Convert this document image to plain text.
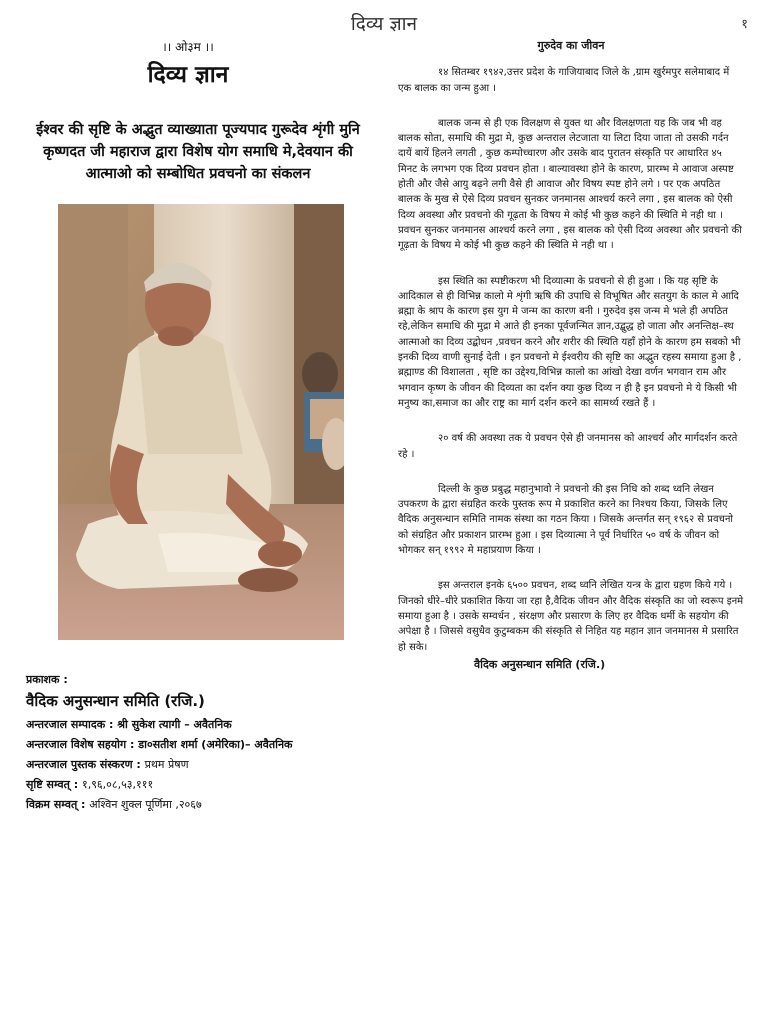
दिव्य ज्ञान	१
।। ओ३म ।।
दिव्य ज्ञान
ईश्वर की सृष्टि के अद्भुत व्याख्याता पूज्यपाद गुरूदेव शृंगी मुनि कृष्णदत जी महाराज द्वारा विशेष योग समाधि मे,देवयान की आत्माओ को सम्बोधित प्रवचनो का संकलन
प्रकाशक :
वैदिक अनुसन्धान समिति (रजि.)
अन्तरजाल सम्पादक : श्री सुकेश त्यागी – अवैतनिक
अन्तरजाल विशेष सहयोग : डा०सतीश शर्मा (अमेरिका)– अवैतनिक
अन्तरजाल पुस्तक संस्करण : प्रथम प्रेषण
सृष्टि सम्वत् : १,९६,०८,५३,१११
विक्रम सम्वत् : अश्विन शुक्ल पूर्णिमा ,२०६७
गुरुदेव का जीवन

१४ सितम्बर १९४२,उत्तर प्रदेश के गाजियाबाद जिले के ,ग्राम खुर्रमपुर सलेमाबाद में एक बालक का जन्म हुआ ।

बालक जन्म से ही एक विलक्षण से युक्त था और विलक्षणता यह कि जब भी वह बालक सोता, समाधि की मुद्रा मे, कुछ अन्तराल लेटजाता या लिटा दिया जाता तो उसकी गर्दन दायें बायें हिलने लगती , कुछ कम्पोच्चारण और उसके बाद पुरातन संस्कृति पर आधारित ४५ मिनट के लगभग एक दिव्य प्रवचन होता । बाल्यावस्था होने के कारण, प्रारम्भ मे आवाज अस्पष्ट होती और जैसे आयु बढ़ने लगी वैसे ही आवाज और विषय स्पष्ट होने लगे । पर एक अपठित बालक के मुख से ऐसे दिव्य प्रवचन सुनकर जनमानस आश्चर्य करने लगा , इस बालक को ऐसी दिव्य अवस्था और प्रवचनो की गूढ़ता के विषय मे कोई भी कुछ कहने की स्थिति मे नही था । प्रवचन सुनकर जनमानस आश्चर्य करने लगा , इस बालक को ऐसी दिव्य अवस्था और प्रवचनो की गूढ़ता के विषय मे कोई भी कुछ कहने की स्थिति मे नही था ।

इस स्थिति का स्पष्टीकरण भी दिव्यात्मा के प्रवचनो से ही हुआ । कि यह सृष्टि के आदिकाल से ही विभिन्न कालो मे शृंगी ऋषि की उपाधि से विभूषित और सतयुग के काल मे आदि ब्रह्मा के श्राप के कारण इस युग मे जन्म का कारण बनी । गुरुदेव इस जन्म मे भले ही अपठित रहे,लेकिन समाधि की मुद्रा मे आते ही इनका पूर्वजन्मित ज्ञान,उद्बुद्ध हो जाता और अनन्तिक्ष–स्थ आत्माओ का दिव्य उद्बोधन ,प्रवचन करने और शरीर की स्थिति यहाँ होने के कारण हम सबको भी इनकी दिव्य वाणी सुनाई देती । इन प्रवचनो मे ईश्वरीय की सृष्टि का अद्भुत रहस्य समाया हुआ है , ब्रह्माण्ड की विशालता , सृष्टि का उद्देश्य,विभिन्न कालो का आंखो देखा वर्णन भगवान राम और भगवान कृष्ण के जीवन की दिव्यता का दर्शन क्या कुछ दिव्य न ही है इन प्रवचनो मे ये किसी भी मनुष्य का,समाज का और राष्ट्र का मार्ग दर्शन करने का सामर्थ्य रखते हैं ।

२० वर्ष की अवस्था तक ये प्रवचन ऐसे ही जनमानस को आश्चर्य और मार्गदर्शन करते रहे ।

दिल्ली के कुछ प्रबुद्ध महानुभावो ने प्रवचनो की इस निधि को शब्द ध्वनि लेखन उपकरण के द्वारा संग्रहित करके पुस्तक रूप मे प्रकाशित करने का निश्चय किया, जिसके लिए वैदिक अनुसन्धान समिति नामक संस्था का गठन किया । जिसके अन्तर्गत सन् १९६२ से प्रवचनो को संग्रहित और प्रकाशन प्रारम्भ हुआ । इस दिव्यात्मा ने पूर्व निर्धारित ५० वर्ष के जीवन को भोगकर सन् १९९२ मे महाप्रयाण किया ।

इस अन्तराल इनके ६५०० प्रवचन, शब्द ध्वनि लेखित यन्त्र के द्वारा ग्रहण किये गये । जिनको धीरे–धीरे प्रकाशित किया जा रहा है,वैदिक जीवन और वैदिक संस्कृति का जो स्वरूप इनमे समाया हुआ है । उसके सम्वर्धन , संरक्षण और प्रसारण के लिए हर वैदिक धर्मी के सहयोग की अपेक्षा है । जिससे वसुधैव कुटुम्बकम की संस्कृति से निहित यह महान ज्ञान जनमानस मे प्रसारित हो सके।

वैदिक अनुसन्धान समिति (रजि.)
